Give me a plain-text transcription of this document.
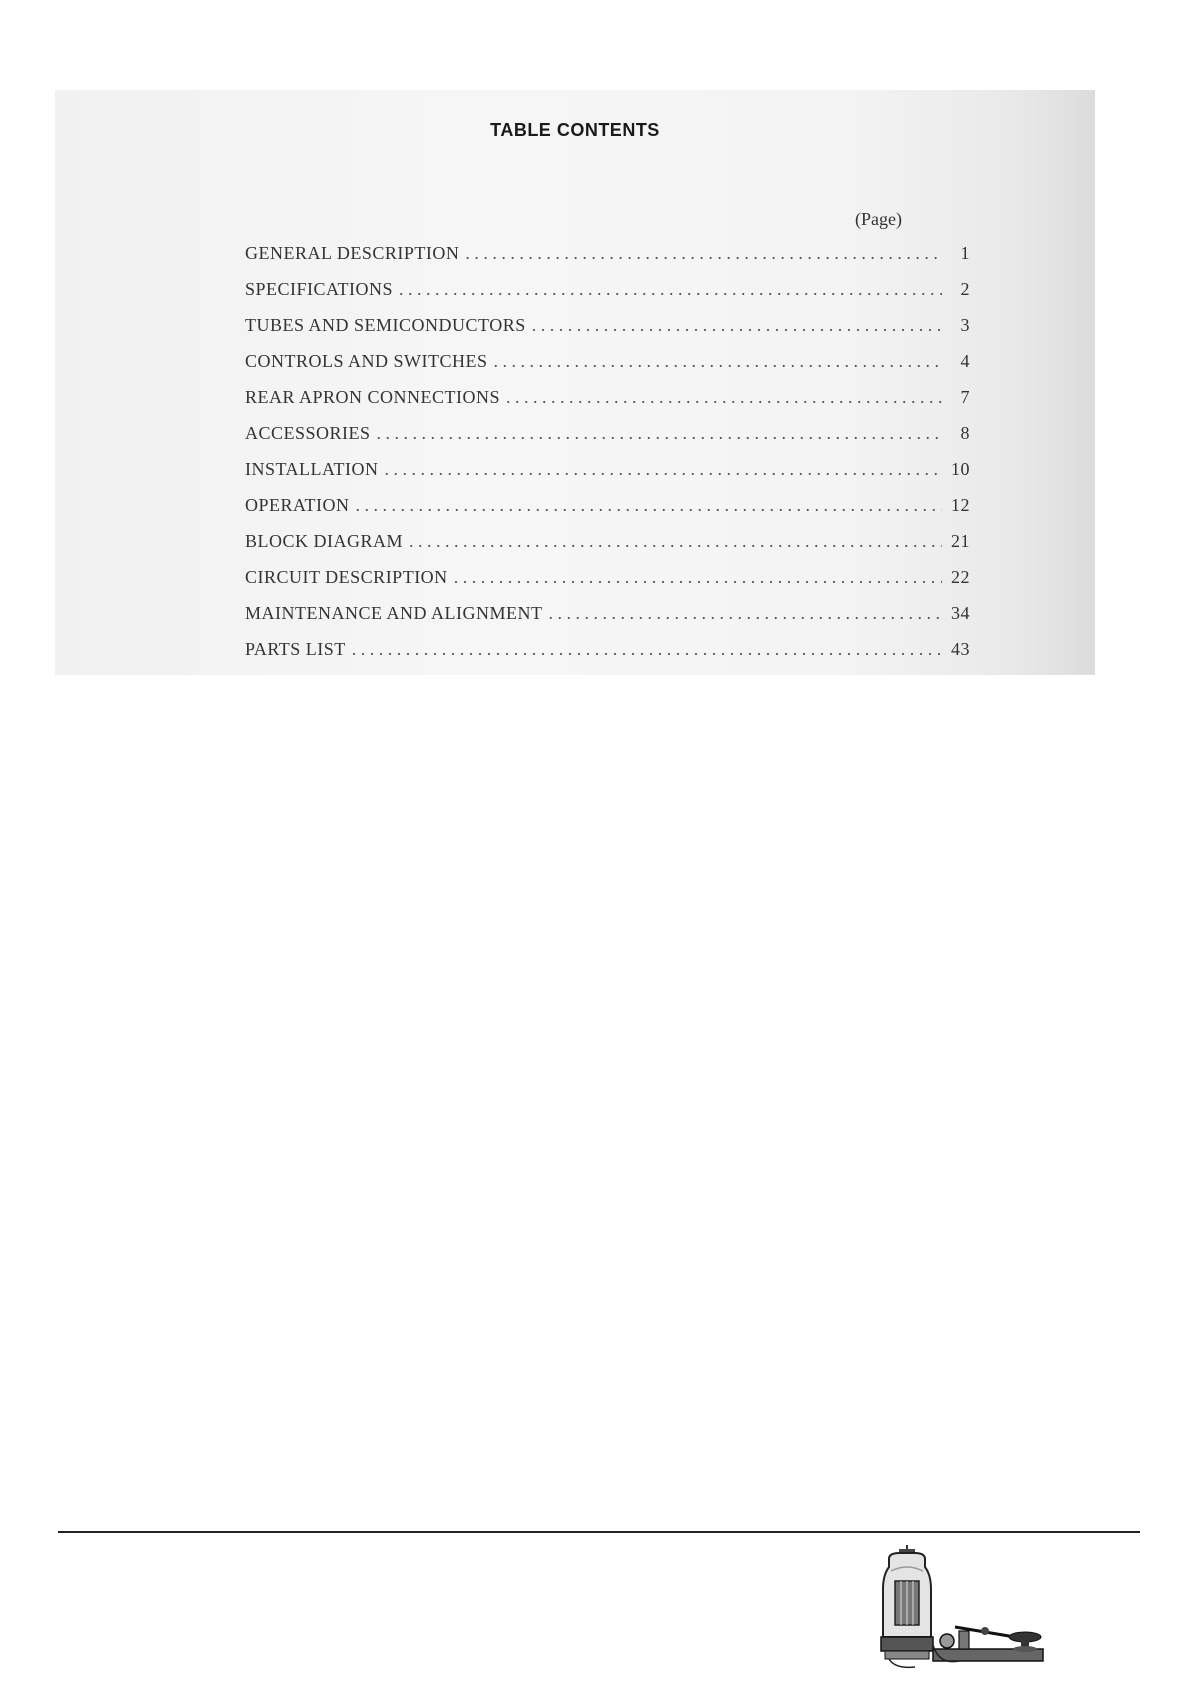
TABLE CONTENTS
(Page)
GENERAL DESCRIPTION . . .	1
SPECIFICATIONS . . .	2
TUBES AND SEMICONDUCTORS . . .	3
CONTROLS AND SWITCHES . . .	4
REAR APRON CONNECTIONS . . .	7
ACCESSORIES . . .	8
INSTALLATION . . .	10
OPERATION . . .	12
BLOCK DIAGRAM . . .	21
CIRCUIT DESCRIPTION . . .	22
MAINTENANCE AND ALIGNMENT . . .	34
PARTS LIST . . .	43
